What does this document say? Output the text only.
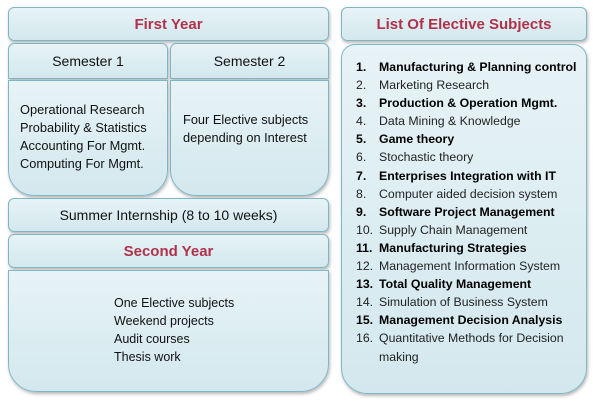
First Year
Semester 1	Semester 2
Operational Research
Probability & Statistics
Accounting For Mgmt.
Computing For Mgmt.
Four Elective subjects
depending on Interest
Summer Internship (8 to 10 weeks)
Second Year
One Elective subjects
Weekend projects
Audit courses
Thesis work
List Of Elective Subjects
1.	Manufacturing & Planning control
2.	Marketing Research
3.	Production & Operation Mgmt.
4.	Data Mining & Knowledge
5.	Game theory
6.	Stochastic theory
7.	Enterprises Integration with IT
8.	Computer aided decision system
9.	Software Project Management
10. Supply Chain Management
11. Manufacturing Strategies
12. Management Information System
13. Total Quality Management
14. Simulation of Business System
15. Management Decision Analysis
16. Quantitative Methods for Decision
making
